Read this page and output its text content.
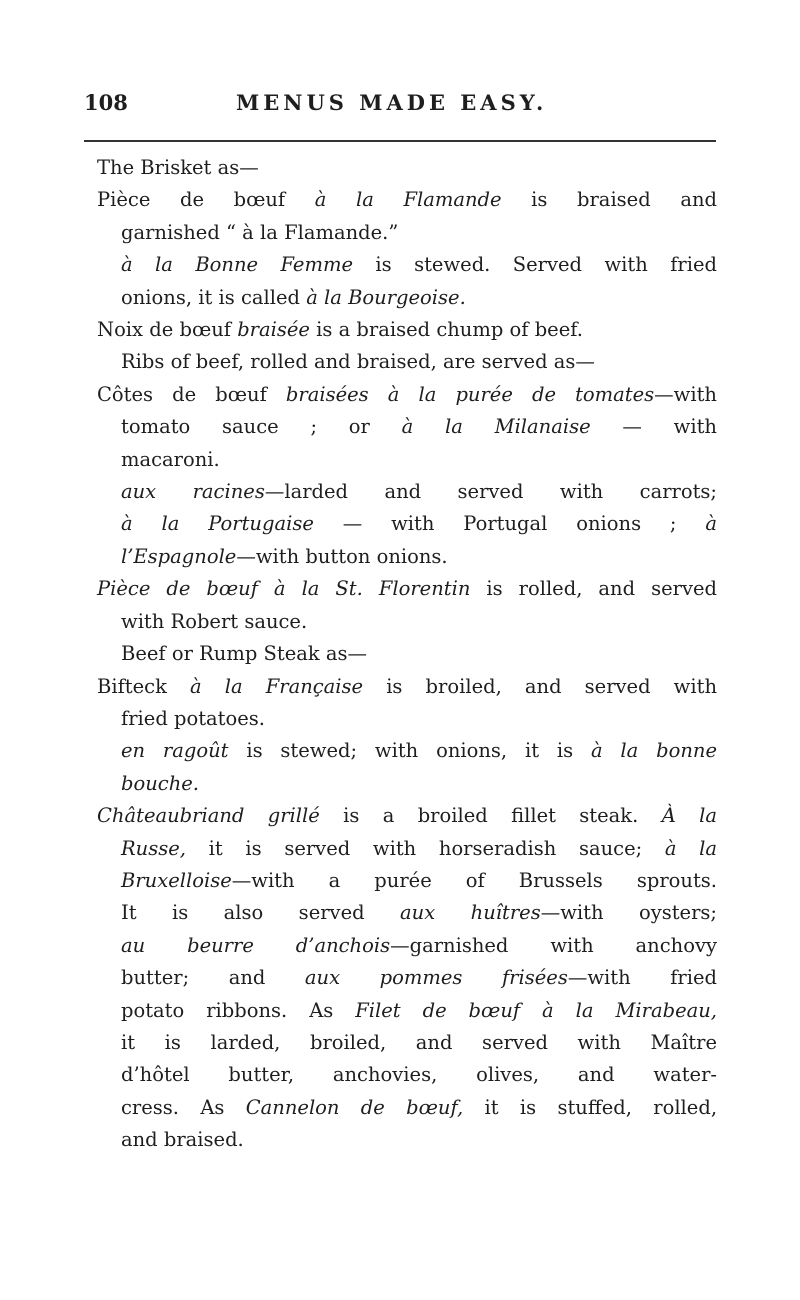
108	MENUS MADE EASY.
The Brisket as—
Pièce de bœuf à la Flamande is braised and
garnished “ à la Flamande.”
à la Bonne Femme is stewed. Served with fried
onions, it is called à la Bourgeoise.
Noix de bœuf braisée is a braised chump of beef.
Ribs of beef, rolled and braised, are served as—
Côtes de bœuf braisées à la purée de tomates—with
tomato sauce ; or à la Milanaise — with
macaroni.
aux racines—larded and served with carrots;
à la Portugaise — with Portugal onions ; à
l’Espagnole—with button onions.
Pièce de bœuf à la St. Florentin is rolled, and served
with Robert sauce.
Beef or Rump Steak as—
Bifteck à la Française is broiled, and served with
fried potatoes.
en ragoût is stewed; with onions, it is à la bonne
bouche.
Châteaubriand grillé is a broiled fillet steak. À la
Russe, it is served with horseradish sauce; à la
Bruxelloise—with a purée of Brussels sprouts.
It is also served aux huîtres—with oysters;
au beurre d’anchois—garnished with anchovy
butter; and aux pommes frisées—with fried
potato ribbons. As Filet de bœuf à la Mirabeau,
it is larded, broiled, and served with Maître
d’hôtel butter, anchovies, olives, and water-
cress. As Cannelon de bœuf, it is stuffed, rolled,
and braised.
